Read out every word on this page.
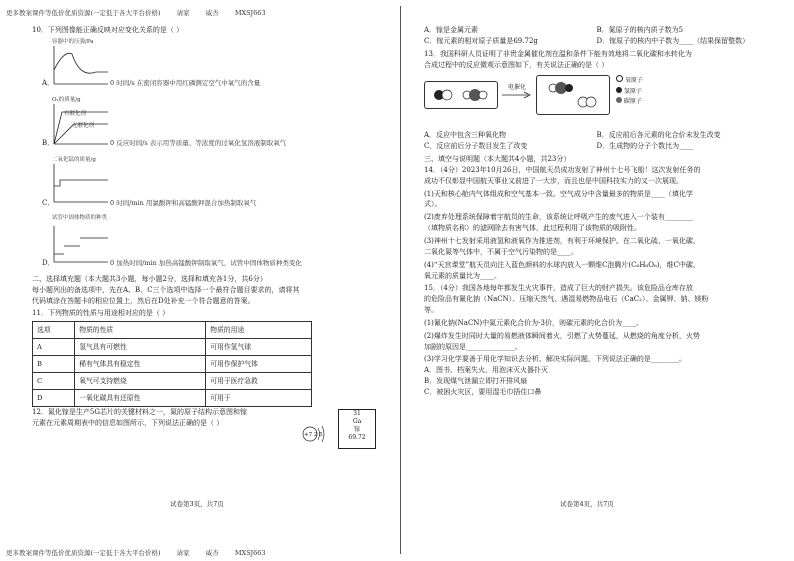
更多教案课件等低价优质资源(一定低于各大平台价格) 请家 威杏 MXSJ663
更多教案课件等低价优质资源(一定低于各大平台价格) 请家 威杏 MXSJ663

10．下列图像能正确反映对应变化关系的是（ ）

容器中的压强/Pa
A．	0 时间/s 在密闭容器中用红磷测定空气中氧气的含量
O₂的质量/g
有催化剂
无催化剂
B．	0 反应时间/s 表示用等质量、等浓度的过氧化氢溶液制取氧气
二氧化锰的质量/g
C．	0 时间/min 用氯酸钾和高锰酸钾混合加热制取氧气
试管中固体物质的种类
D．	0 加热时间/min 加热高锰酸钾制取氧气，试管中固体物质种类变化

二、选择填充题（本大题共3小题，每小题2分，选择和填充各1分，共6分）

每小题列出的备选项中，先在A、B、C三个选项中选择一个最符合题目要求的，请将其

代码填涂在答题卡的相应位置上，然后在D处补充一个符合题意的答案。

11．下列物质的性质与用途相对应的是（ ）

选项	物质的性质	物质的用途
A	氢气具有可燃性	可用作氢气球
B	稀有气体具有稳定性	可用作保护气体
C	氧气可支持燃烧	可用于医疗急救
D	一氧化碳具有还原性	可用于

12．氮化镓是生产5G芯片的关键材料之一，氮的原子结构示意图和镓

元素在元素周期表中的信息如图所示，下列说法正确的是（ ）

+7 2 5
31
Ga
镓
69.72
试卷第3页，共7页
A．镓是金属元素	B．氮原子的核内质子数为5
C．镓元素的相对原子质量是69.72g	D．镓原子的核内中子数为____（结果保留整数）

13．我国科研人员证明了非贵金属催化剂在温和条件下能有效地将二氧化碳和水转化为

合成过程中的反应微观示意图如下，有关说法正确的是（ ）

电催化
氧原子
氢原子
碳原子
A．反应中包含三种氧化物	B．反应前后各元素的化合价未发生改变
C．反应前后分子数目发生了改变	D．生成物的分子个数比为____

三、填空与说明题（本大题共4小题，共23分）

14．（4分）2023年10月26日，中国航天员成功发射了神州十七号飞船！这次发射任务的

成功不仅彰显中国航天事业又前进了一大步，而且也是中国科技实力的又一次展现。

(1)天和核心舱内气体组成和空气基本一致。空气成分中含量最多的物质是____（填化学

式）。

(2)废弃处理系统保障着宇航员的生命，该系统让呼吸产生的废气进入一个装有________

（填物质名称）的滤网除去有害气体，此过程利用了该物质的吸附性。

(3)神州十七发射采用液氢和液氧作为推进剂，有利于环境保护。在二氧化硫、一氧化碳、

二氧化氮等气体中，不属于空气污染物的是____。

(4)“天宫课堂”航天员向注入蓝色颜料的水球内放入一颗维C泡腾片(C₆H₈O₆)，维C中碳、

氧元素的质量比为____。

15．（4分）我国各地每年都发生火灾事件，造成了巨大的财产损失。该危险品仓库存放

的危险品有氰化钠（NaCN）、压缩天然气、遇湿易燃物品电石（CaC₂）、金属钾、钠、镁粉

等。

(1)氰化钠(NaCN)中氮元素化合价为-3价，则碳元素的化合价为____。

(2)爆炸发生时同时大量的易燃液体瞬间着火，引燃了火势蔓延，从燃烧的角度分析，火势

加剧的原因是______________。

(3)学习化学要善于用化学知识去分析、解决实际问题，下列说法正确的是________。

A．图书、档案失火，用泡沫灭火器扑灭

B．发现煤气泄漏立即打开排风扇

C．被困火灾区，要用湿毛巾捂住口鼻

试卷第4页，共7页
